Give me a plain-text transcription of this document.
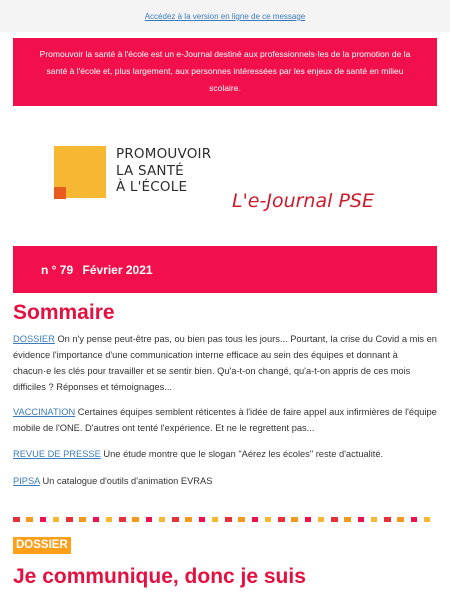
Accédez à la version en ligne de ce message
Promouvoir la santé à l'école est un e-Journal destiné aux professionnels·les de la promotion de la
santé à l'école et, plus largement, aux personnes intéressées par les enjeux de santé en milieu
scolaire.
PROMOUVOIR
LA SANTÉ
À L'ÉCOLE
L'e-Journal PSE
n ° 79 Février 2021
Sommaire
DOSSIER On n'y pense peut-être pas, ou bien pas tous les jours... Pourtant, la crise du Covid a mis en évidence l'importance d'une communication interne efficace au sein des équipes et donnant à chacun·e les clés pour travailler et se sentir bien. Qu'a-t-on changé, qu'a-t-on appris de ces mois difficiles ? Réponses et témoignages...
VACCINATION Certaines équipes semblent réticentes à l'idée de faire appel aux infirmières de l'équipe mobile de l'ONE. D'autres ont tenté l'expérience. Et ne le regrettent pas...
REVUE DE PRESSE Une étude montre que le slogan "Aérez les écoles" reste d'actualité.
PIPSA Un catalogue d'outils d'animation EVRAS
DOSSIER
Je communique, donc je suis
